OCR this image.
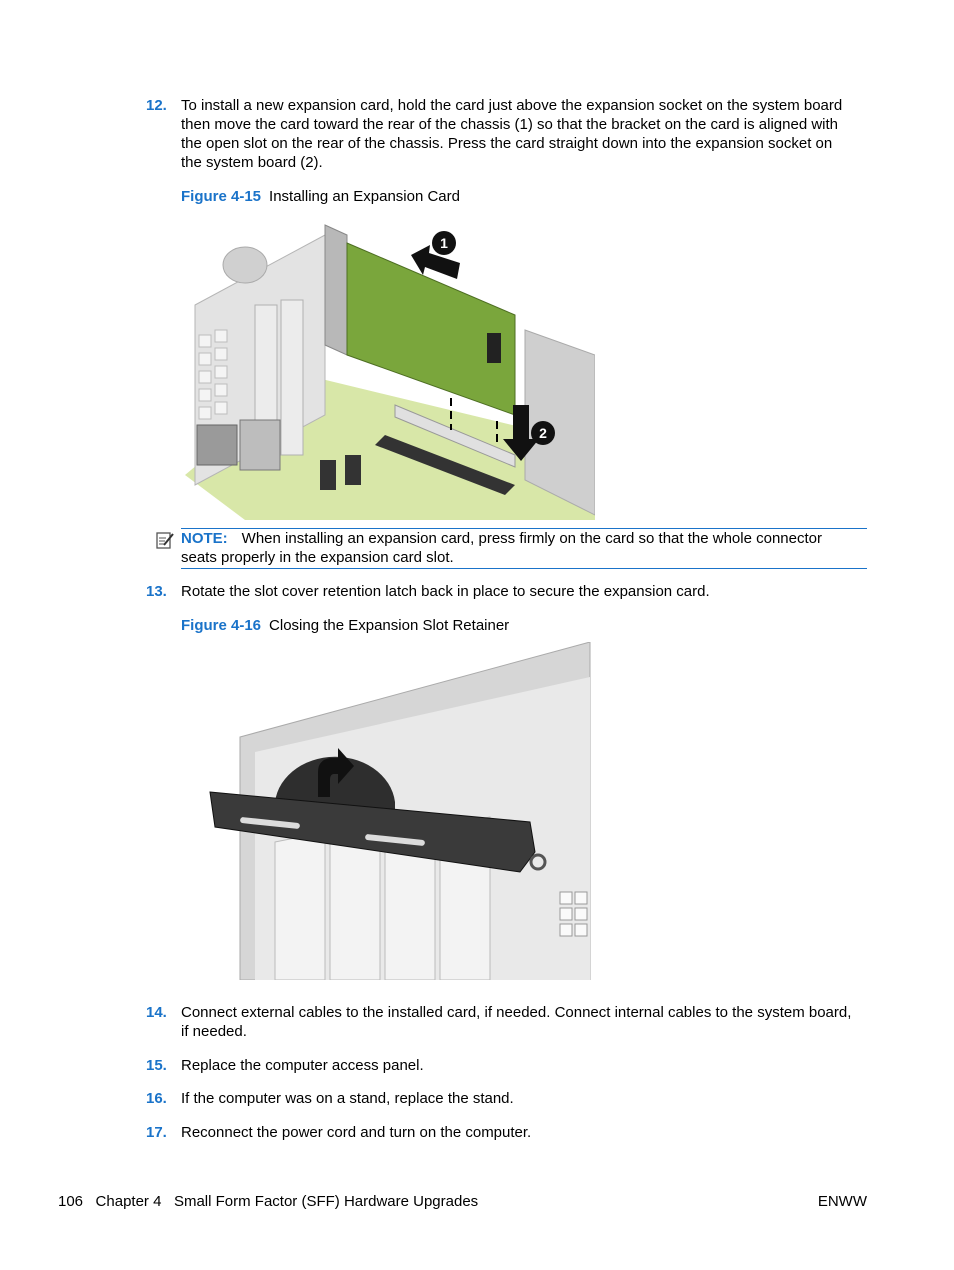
12. To install a new expansion card, hold the card just above the expansion socket on the system board then move the card toward the rear of the chassis (1) so that the bracket on the card is aligned with the open slot on the rear of the chassis. Press the card straight down into the expansion socket on the system board (2).
Figure 4-15 Installing an Expansion Card
1
2
NOTE: When installing an expansion card, press firmly on the card so that the whole connector seats properly in the expansion card slot.
13. Rotate the slot cover retention latch back in place to secure the expansion card.
Figure 4-16 Closing the Expansion Slot Retainer
14. Connect external cables to the installed card, if needed. Connect internal cables to the system board, if needed.
15. Replace the computer access panel.
16. If the computer was on a stand, replace the stand.
17. Reconnect the power cord and turn on the computer.
106 Chapter 4 Small Form Factor (SFF) Hardware Upgrades	ENWW
